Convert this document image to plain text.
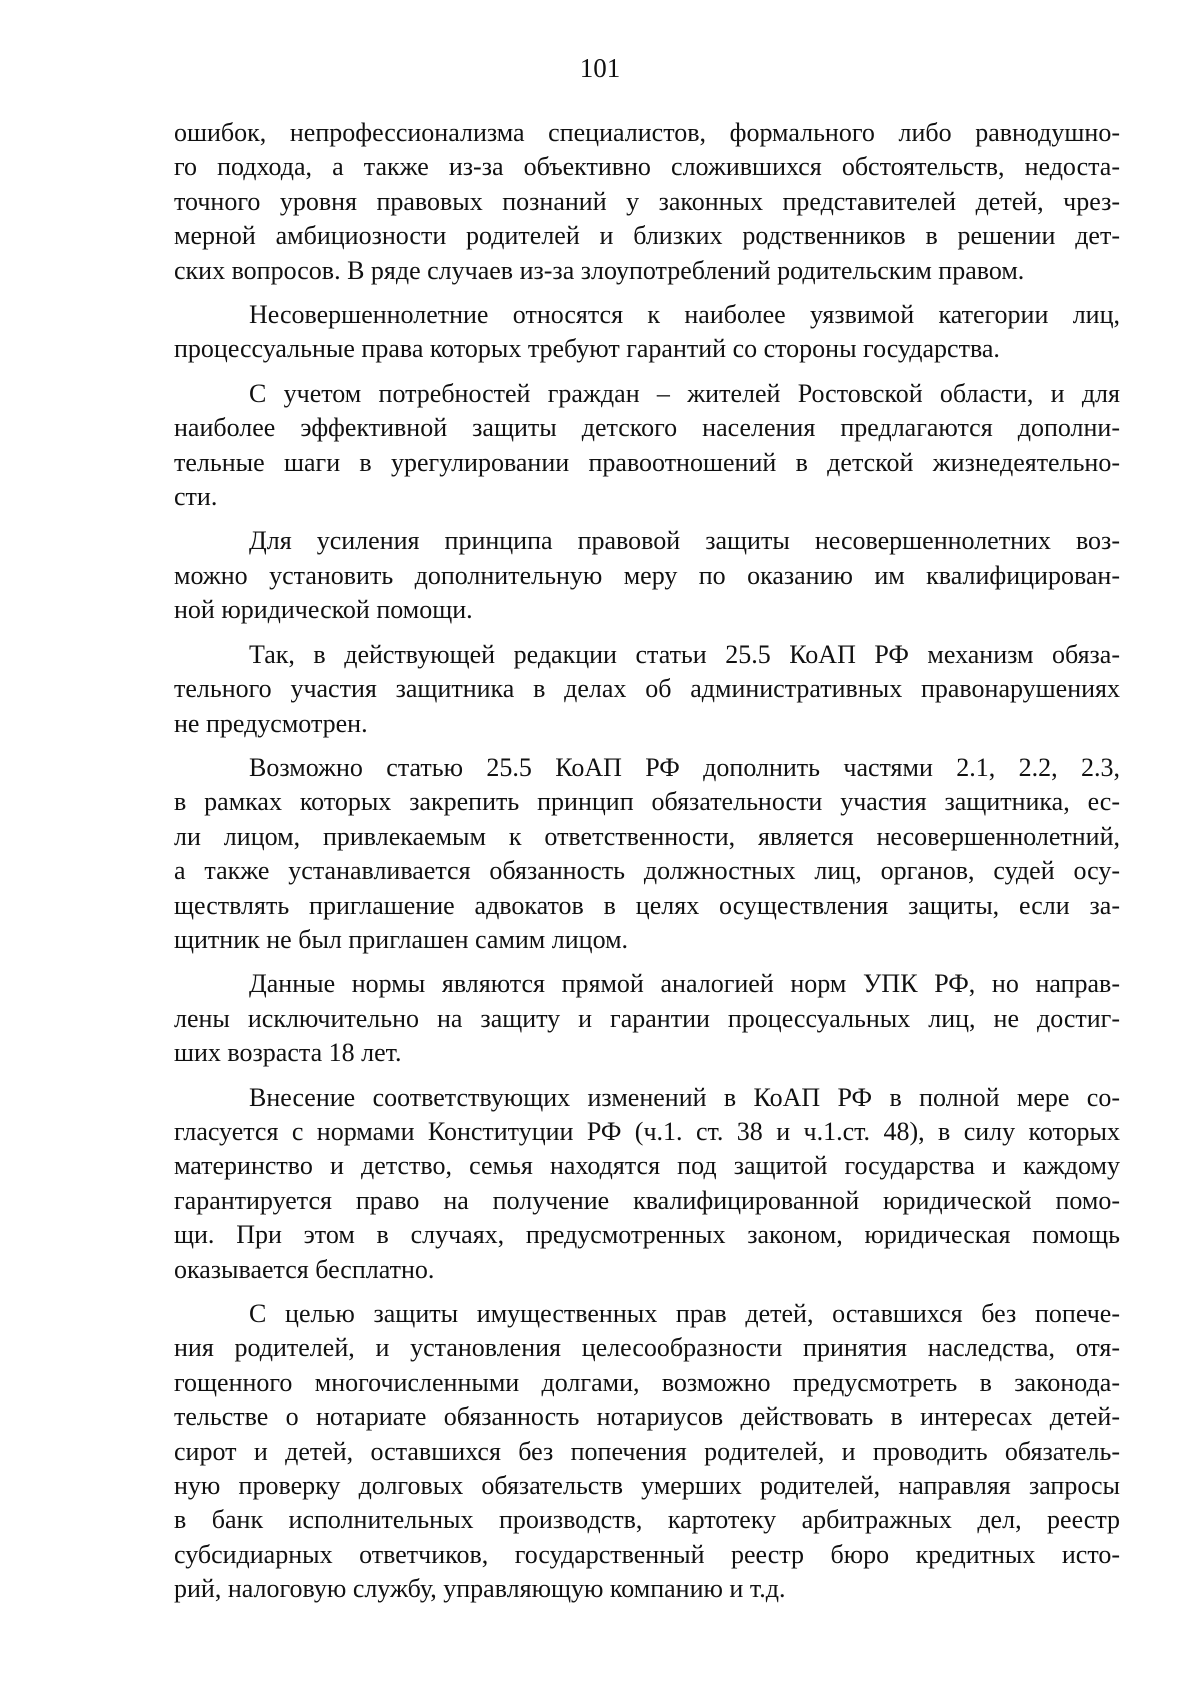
101
ошибок, непрофессионализма специалистов, формального либо равнодушно-
го подхода, а также из-за объективно сложившихся обстоятельств, недоста-
точного уровня правовых познаний у законных представителей детей, чрез-
мерной амбициозности родителей и близких родственников в решении дет-
ских вопросов. В ряде случаев из-за злоупотреблений родительским правом.
Несовершеннолетние относятся к наиболее уязвимой категории лиц,
процессуальные права которых требуют гарантий со стороны государства.
С учетом потребностей граждан – жителей Ростовской области, и для
наиболее эффективной защиты детского населения предлагаются дополни-
тельные шаги в урегулировании правоотношений в детской жизнедеятельно-
сти.
Для усиления принципа правовой защиты несовершеннолетних воз-
можно установить дополнительную меру по оказанию им квалифицирован-
ной юридической помощи.
Так, в действующей редакции статьи 25.5 КоАП РФ механизм обяза-
тельного участия защитника в делах об административных правонарушениях
не предусмотрен.
Возможно статью 25.5 КоАП РФ дополнить частями 2.1, 2.2, 2.3,
в рамках которых закрепить принцип обязательности участия защитника, ес-
ли лицом, привлекаемым к ответственности, является несовершеннолетний,
а также устанавливается обязанность должностных лиц, органов, судей осу-
ществлять приглашение адвокатов в целях осуществления защиты, если за-
щитник не был приглашен самим лицом.
Данные нормы являются прямой аналогией норм УПК РФ, но направ-
лены исключительно на защиту и гарантии процессуальных лиц, не достиг-
ших возраста 18 лет.
Внесение соответствующих изменений в КоАП РФ в полной мере со-
гласуется с нормами Конституции РФ (ч.1. ст. 38 и ч.1.ст. 48), в силу которых
материнство и детство, семья находятся под защитой государства и каждому
гарантируется право на получение квалифицированной юридической помо-
щи. При этом в случаях, предусмотренных законом, юридическая помощь
оказывается бесплатно.
С целью защиты имущественных прав детей, оставшихся без попече-
ния родителей, и установления целесообразности принятия наследства, отя-
гощенного многочисленными долгами, возможно предусмотреть в законода-
тельстве о нотариате обязанность нотариусов действовать в интересах детей-
сирот и детей, оставшихся без попечения родителей, и проводить обязатель-
ную проверку долговых обязательств умерших родителей, направляя запросы
в банк исполнительных производств, картотеку арбитражных дел, реестр
субсидиарных ответчиков, государственный реестр бюро кредитных исто-
рий, налоговую службу, управляющую компанию и т.д.
